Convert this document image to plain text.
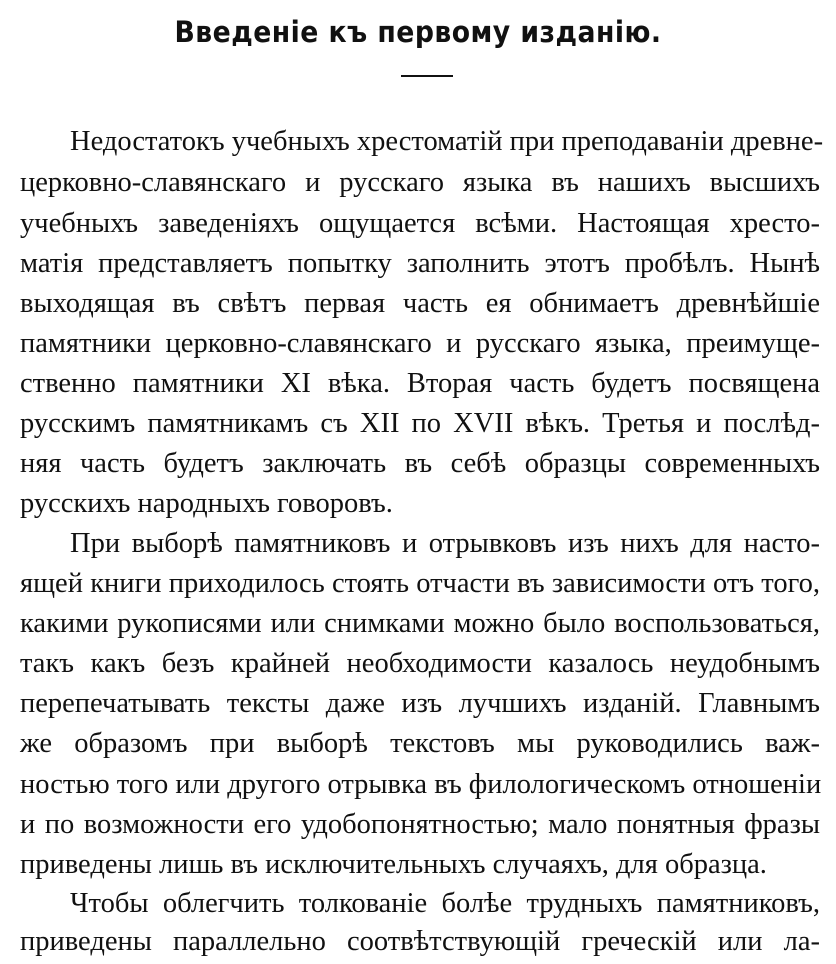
Введеніе къ первому изданію.
Недостатокъ учебныхъ хрестоматій при преподаваніи древне-
церковно-славянскаго и русскаго языка въ нашихъ высшихъ
учебныхъ заведеніяхъ ощущается всѣми. Настоящая хресто-
матія представляетъ попытку заполнить этотъ пробѣлъ. Нынѣ
выходящая въ свѣтъ первая часть ея обнимаетъ древнѣйшіе
памятники церковно-славянскаго и русскаго языка, преимуще-
ственно памятники XI вѣка. Вторая часть будетъ посвящена
русскимъ памятникамъ съ XII по XVII вѣкъ. Третья и послѣд-
няя часть будетъ заключать въ себѣ образцы современныхъ
русскихъ народныхъ говоровъ.
При выборѣ памятниковъ и отрывковъ изъ нихъ для насто-
ящей книги приходилось стоять отчасти въ зависимости отъ того,
какими рукописями или снимками можно было воспользоваться,
такъ какъ безъ крайней необходимости казалось неудобнымъ
перепечатывать тексты даже изъ лучшихъ изданій. Главнымъ
же образомъ при выборѣ текстовъ мы руководились важ-
ностью того или другого отрывка въ филологическомъ отношеніи
и по возможности его удобопонятностью; мало понятныя фразы
приведены лишь въ исключительныхъ случаяхъ, для образца.
Чтобы облегчить толкованіе болѣе трудныхъ памятниковъ,
приведены параллельно соотвѣтствующій греческій или ла-
